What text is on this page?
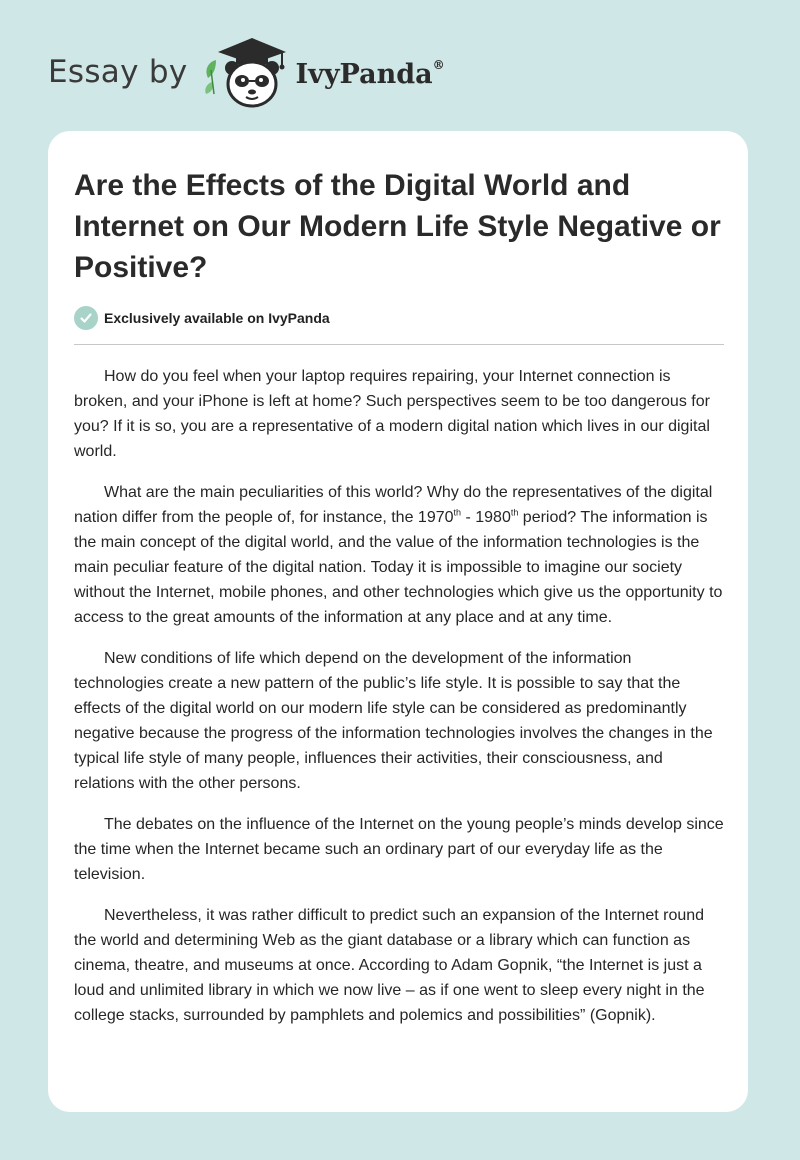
Essay by	IvyPanda®
Are the Effects of the Digital World and Internet on Our Modern Life Style Negative or Positive?
Exclusively available on IvyPanda

How do you feel when your laptop requires repairing, your Internet connection is broken, and your iPhone is left at home? Such perspectives seem to be too dangerous for you? If it is so, you are a representative of a modern digital nation which lives in our digital world.

What are the main peculiarities of this world? Why do the representatives of the digital nation differ from the people of, for instance, the 1970th - 1980th period? The information is the main concept of the digital world, and the value of the information technologies is the main peculiar feature of the digital nation. Today it is impossible to imagine our society without the Internet, mobile phones, and other technologies which give us the opportunity to access to the great amounts of the information at any place and at any time.

New conditions of life which depend on the development of the information technologies create a new pattern of the public’s life style. It is possible to say that the effects of the digital world on our modern life style can be considered as predominantly negative because the progress of the information technologies involves the changes in the typical life style of many people, influences their activities, their consciousness, and relations with the other persons.

The debates on the influence of the Internet on the young people’s minds develop since the time when the Internet became such an ordinary part of our everyday life as the television.

Nevertheless, it was rather difficult to predict such an expansion of the Internet round the world and determining Web as the giant database or a library which can function as cinema, theatre, and museums at once. According to Adam Gopnik, “the Internet is just a loud and unlimited library in which we now live – as if one went to sleep every night in the college stacks, surrounded by pamphlets and polemics and possibilities” (Gopnik).
